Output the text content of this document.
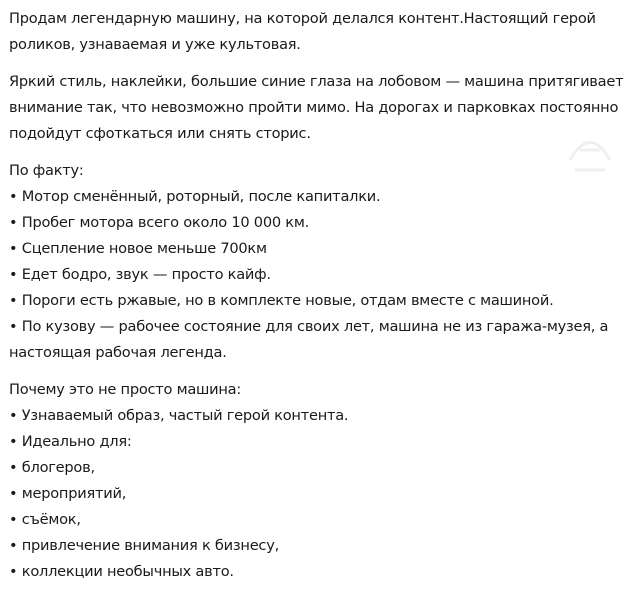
Продам легендарную машину, на которой делался контент.Настоящий герой роликов, узнаваемая и уже культовая.

Яркий стиль, наклейки, большие синие глаза на лобовом — машина притягивает внимание так, что невозможно пройти мимо. На дорогах и парковках постоянно подойдут сфоткаться или снять сторис.

По факту:
• Мотор сменённый, роторный, после капиталки.
• Пробег мотора всего около 10 000 км.
• Сцепление новое меньше 700км
• Едет бодро, звук — просто кайф.
• Пороги есть ржавые, но в комплекте новые, отдам вместе с машиной.
• По кузову — рабочее состояние для своих лет, машина не из гаража-музея, а настоящая рабочая легенда.
Почему это не просто машина:
• Узнаваемый образ, частый герой контента.
• Идеально для:
• блогеров,
• мероприятий,
• съёмок,
• привлечение внимания к бизнесу,
• коллекции необычных авто.
